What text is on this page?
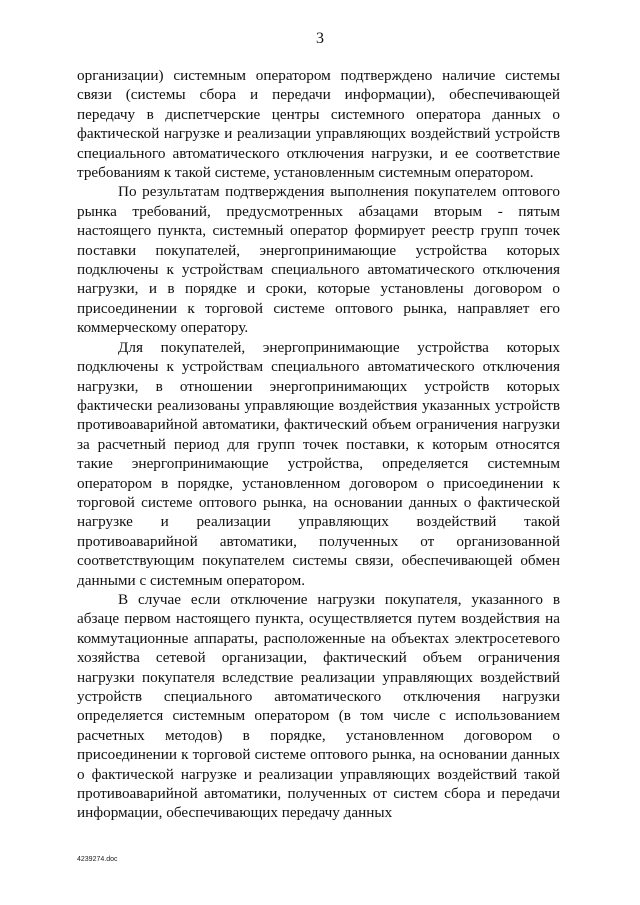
3

организации) системным оператором подтверждено наличие системы связи (системы сбора и передачи информации), обеспечивающей передачу в диспетчерские центры системного оператора данных о фактической нагрузке и реализации управляющих воздействий устройств специального автоматического отключения нагрузки, и ее соответствие требованиям к такой системе, установленным системным оператором.

По результатам подтверждения выполнения покупателем оптового рынка требований, предусмотренных абзацами вторым - пятым настоящего пункта, системный оператор формирует реестр групп точек поставки покупателей, энергопринимающие устройства которых подключены к устройствам специального автоматического отключения нагрузки, и в порядке и сроки, которые установлены договором о присоединении к торговой системе оптового рынка, направляет его коммерческому оператору.

Для покупателей, энергопринимающие устройства которых подключены к устройствам специального автоматического отключения нагрузки, в отношении энергопринимающих устройств которых фактически реализованы управляющие воздействия указанных устройств противоаварийной автоматики, фактический объем ограничения нагрузки за расчетный период для групп точек поставки, к которым относятся такие энергопринимающие устройства, определяется системным оператором в порядке, установленном договором о присоединении к торговой системе оптового рынка, на основании данных о фактической нагрузке и реализации управляющих воздействий такой противоаварийной автоматики, полученных от организованной соответствующим покупателем системы связи, обеспечивающей обмен данными с системным оператором.

В случае если отключение нагрузки покупателя, указанного в абзаце первом настоящего пункта, осуществляется путем воздействия на коммутационные аппараты, расположенные на объектах электросетевого хозяйства сетевой организации, фактический объем ограничения нагрузки покупателя вследствие реализации управляющих воздействий устройств специального автоматического отключения нагрузки определяется системным оператором (в том числе с использованием расчетных методов) в порядке, установленном договором о присоединении к торговой системе оптового рынка, на основании данных о фактической нагрузке и реализации управляющих воздействий такой противоаварийной автоматики, полученных от систем сбора и передачи информации, обеспечивающих передачу данных

4239274.doc
